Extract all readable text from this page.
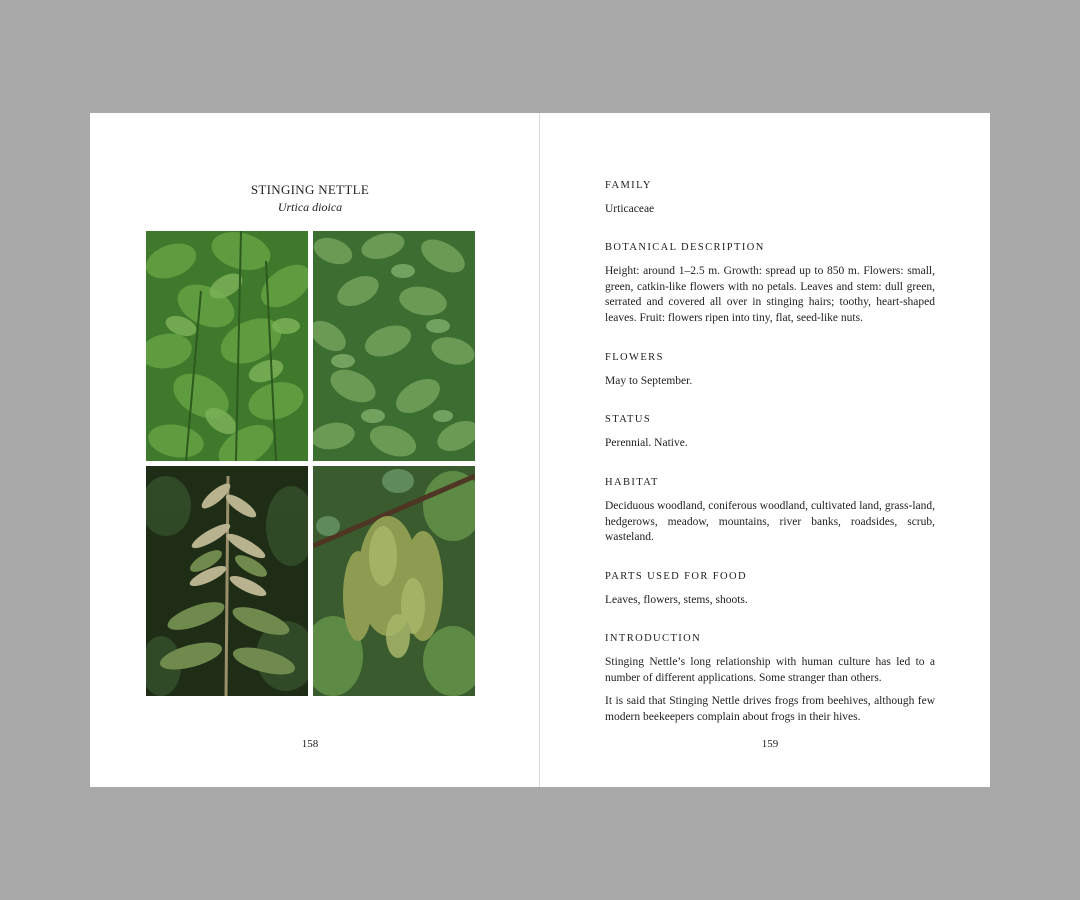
STINGING NETTLE
Urtica dioica
158
FAMILY

Urticaceae

BOTANICAL DESCRIPTION

Height: around 1–2.5 m. Growth: spread up to 850 m. Flowers: small, green, catkin-like flowers with no petals. Leaves and stem: dull green, serrated and covered all over in stinging hairs; toothy, heart-shaped leaves. Fruit: flowers ripen into tiny, flat, seed-like nuts.

FLOWERS

May to September.

STATUS

Perennial. Native.

HABITAT

Deciduous woodland, coniferous woodland, cultivated land, grass-land, hedgerows, meadow, mountains, river banks, roadsides, scrub, wasteland.

PARTS USED FOR FOOD

Leaves, flowers, stems, shoots.

INTRODUCTION

Stinging Nettle’s long relationship with human culture has led to a number of different applications. Some stranger than others.

It is said that Stinging Nettle drives frogs from beehives, although few modern beekeepers complain about frogs in their hives.

159
